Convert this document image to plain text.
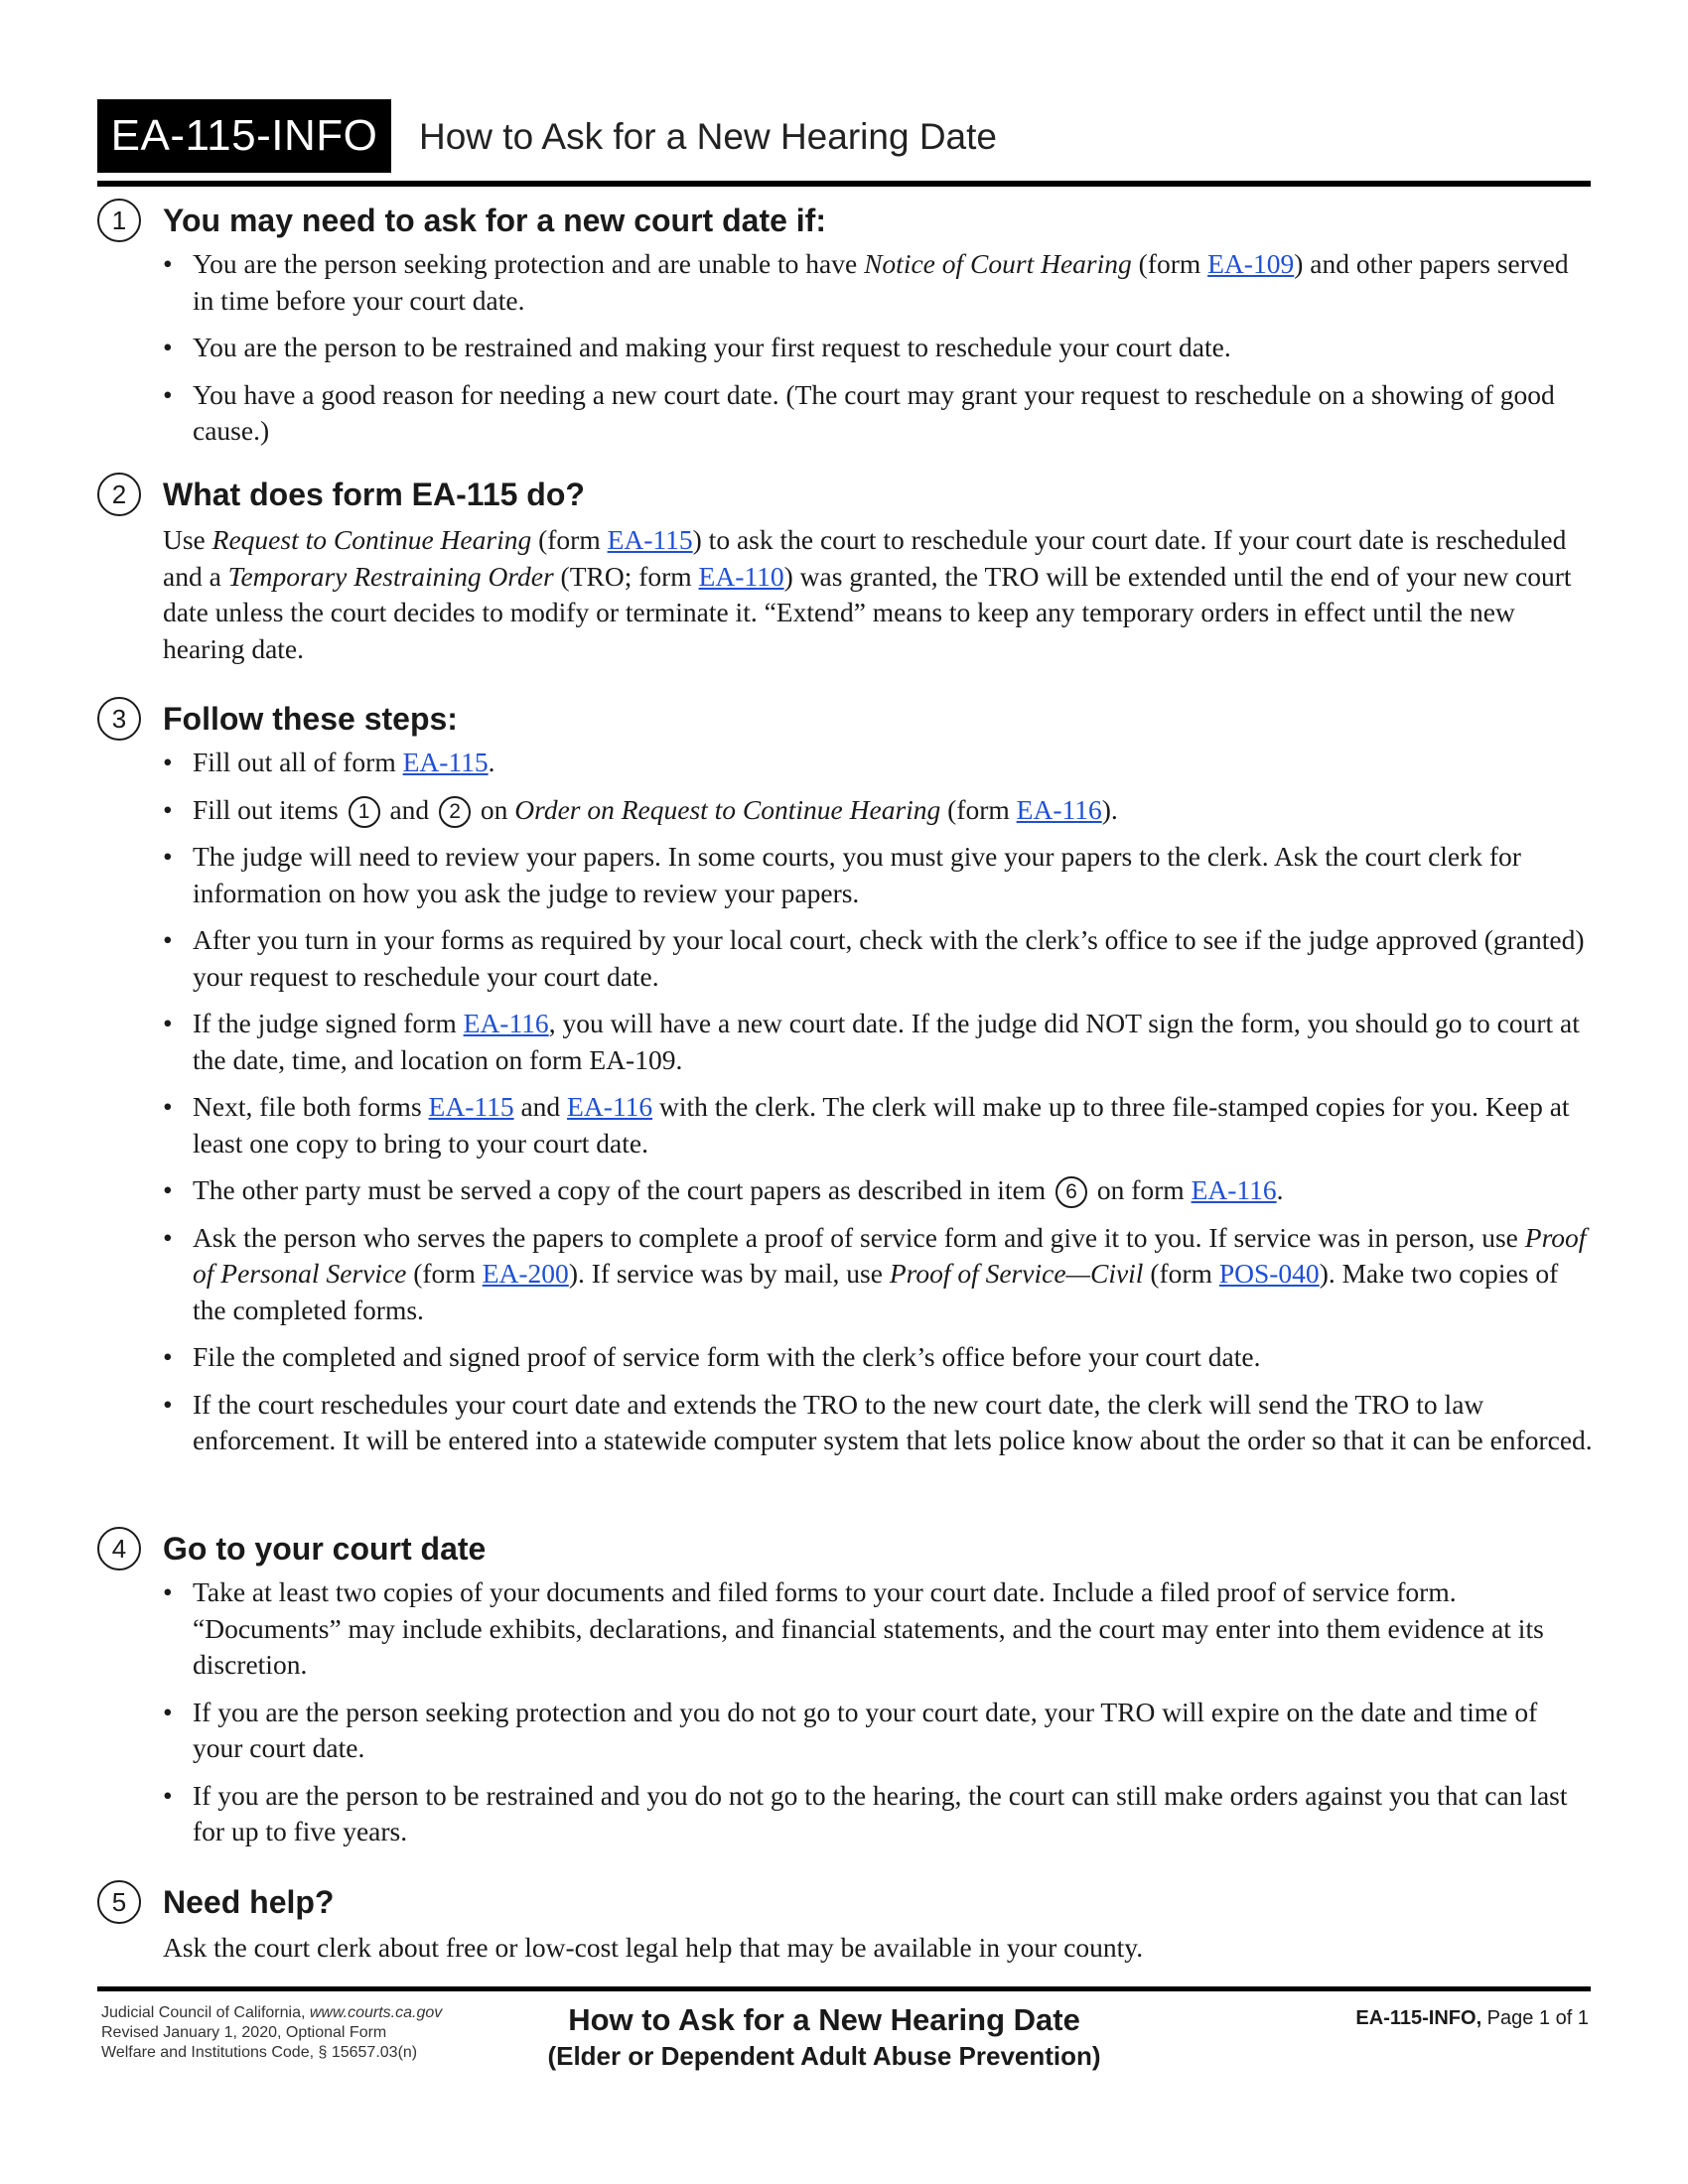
EA-115-INFO	How to Ask for a New Hearing Date
1	You may need to ask for a new court date if:
• You are the person seeking protection and are unable to have Notice of Court Hearing (form EA-109) and other papers served in time before your court date.
• You are the person to be restrained and making your first request to reschedule your court date.
• You have a good reason for needing a new court date. (The court may grant your request to reschedule on a showing of good cause.)
2	What does form EA-115 do?
Use Request to Continue Hearing (form EA-115) to ask the court to reschedule your court date. If your court date is rescheduled and a Temporary Restraining Order (TRO; form EA-110) was granted, the TRO will be extended until the end of your new court date unless the court decides to modify or terminate it. “Extend” means to keep any temporary orders in effect until the new hearing date.
3	Follow these steps:
• Fill out all of form EA-115.
• Fill out items 1 and 2 on Order on Request to Continue Hearing (form EA-116).
• The judge will need to review your papers. In some courts, you must give your papers to the clerk. Ask the court clerk for information on how you ask the judge to review your papers.
• After you turn in your forms as required by your local court, check with the clerk’s office to see if the judge approved (granted) your request to reschedule your court date.
• If the judge signed form EA-116, you will have a new court date. If the judge did NOT sign the form, you should go to court at the date, time, and location on form EA-109.
• Next, file both forms EA-115 and EA-116 with the clerk. The clerk will make up to three file-stamped copies for you. Keep at least one copy to bring to your court date.
• The other party must be served a copy of the court papers as described in item 6 on form EA-116.
• Ask the person who serves the papers to complete a proof of service form and give it to you. If service was in person, use Proof of Personal Service (form EA-200). If service was by mail, use Proof of Service—Civil (form POS-040). Make two copies of the completed forms.
• File the completed and signed proof of service form with the clerk’s office before your court date.
• If the court reschedules your court date and extends the TRO to the new court date, the clerk will send the TRO to law enforcement. It will be entered into a statewide computer system that lets police know about the order so that it can be enforced.
4	Go to your court date
• Take at least two copies of your documents and filed forms to your court date. Include a filed proof of service form. “Documents” may include exhibits, declarations, and financial statements, and the court may enter into them evidence at its discretion.
• If you are the person seeking protection and you do not go to your court date, your TRO will expire on the date and time of your court date.
• If you are the person to be restrained and you do not go to the hearing, the court can still make orders against you that can last for up to five years.
5	Need help?
Ask the court clerk about free or low-cost legal help that may be available in your county.
Judicial Council of California, www.courts.ca.gov
Revised January 1, 2020, Optional Form
Welfare and Institutions Code, § 15657.03(n)
How to Ask for a New Hearing Date
(Elder or Dependent Adult Abuse Prevention)
EA-115-INFO, Page 1 of 1
